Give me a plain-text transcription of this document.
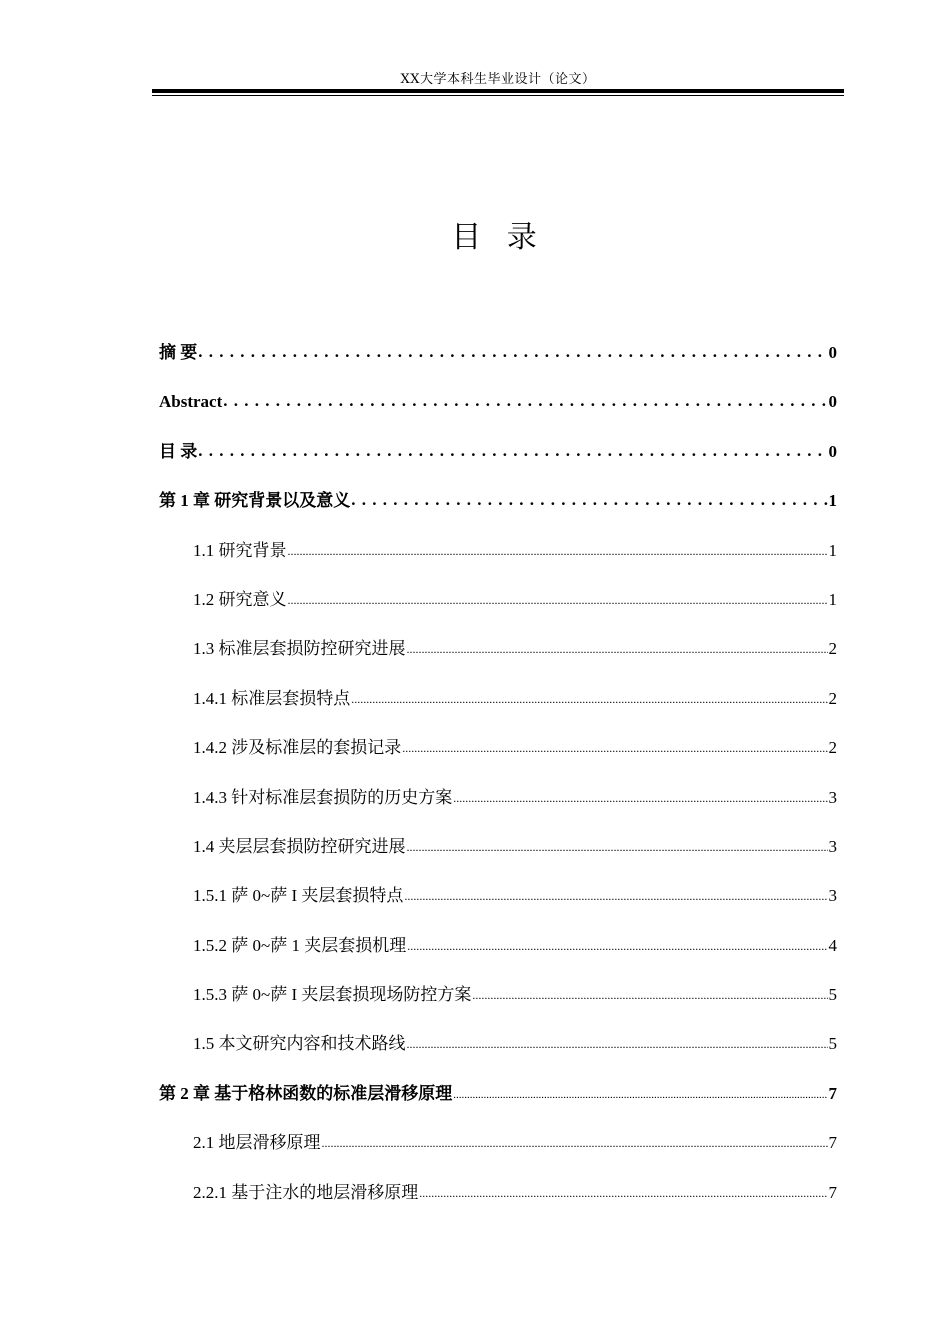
XX大学本科生毕业设计（论文）
目 录
摘 要 . . .	0
Abstract . . .	0
目 录 . . .	0
第 1 章 研究背景以及意义 . . .	1
1.1 研究背景 .....	1
1.2 研究意义 .....	1
1.3 标准层套损防控研究进展 .....	2
1.4.1 标准层套损特点 .....	2
1.4.2 涉及标准层的套损记录 .....	2
1.4.3 针对标准层套损防的历史方案 .....	3
1.4 夹层层套损防控研究进展 .....	3
1.5.1 萨 0~萨 I 夹层套损特点 .....	3
1.5.2 萨 0~萨 1 夹层套损机理 .....	4
1.5.3 萨 0~萨 I 夹层套损现场防控方案 .....	5
1.5 本文研究内容和技术路线 .....	5
第 2 章 基于格林函数的标准层滑移原理 .....	7
2.1 地层滑移原理 .....	7
2.2.1 基于注水的地层滑移原理 .....	7
